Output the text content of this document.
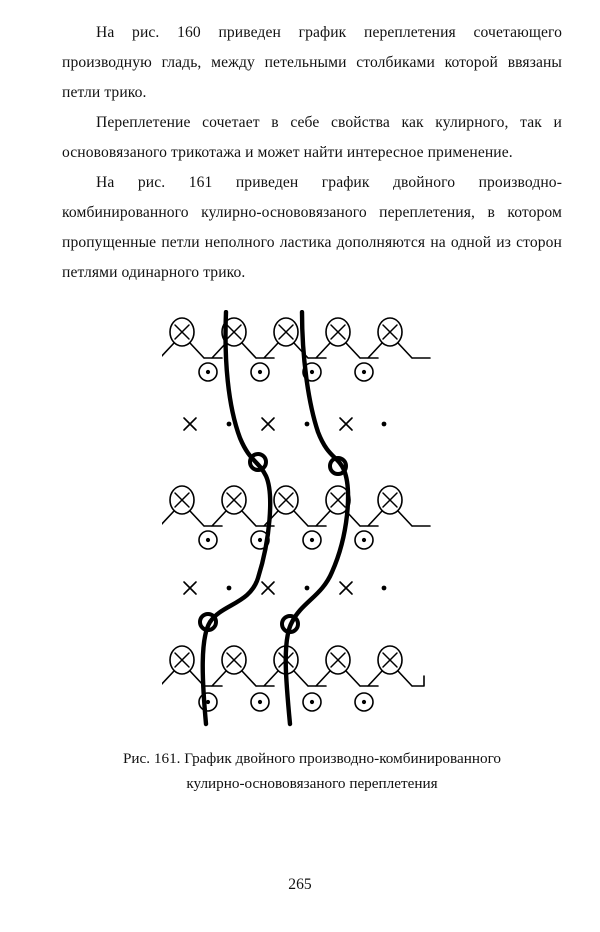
На рис. 160 приведен график переплетения сочетающего производную гладь, между петельными столбиками которой ввязаны петли трико.

Переплетение сочетает в себе свойства как кулирного, так и основовязаного трикотажа и может найти интересное применение.

На рис. 161 приведен график двойного производно-комбинированного кулирно-основовязаного переплетения, в котором пропущенные петли неполного ластика дополняются на одной из сторон петлями одинарного трико.

Рис. 161. График двойного производно-комбинированного
кулирно-основовязаного переплетения
265
